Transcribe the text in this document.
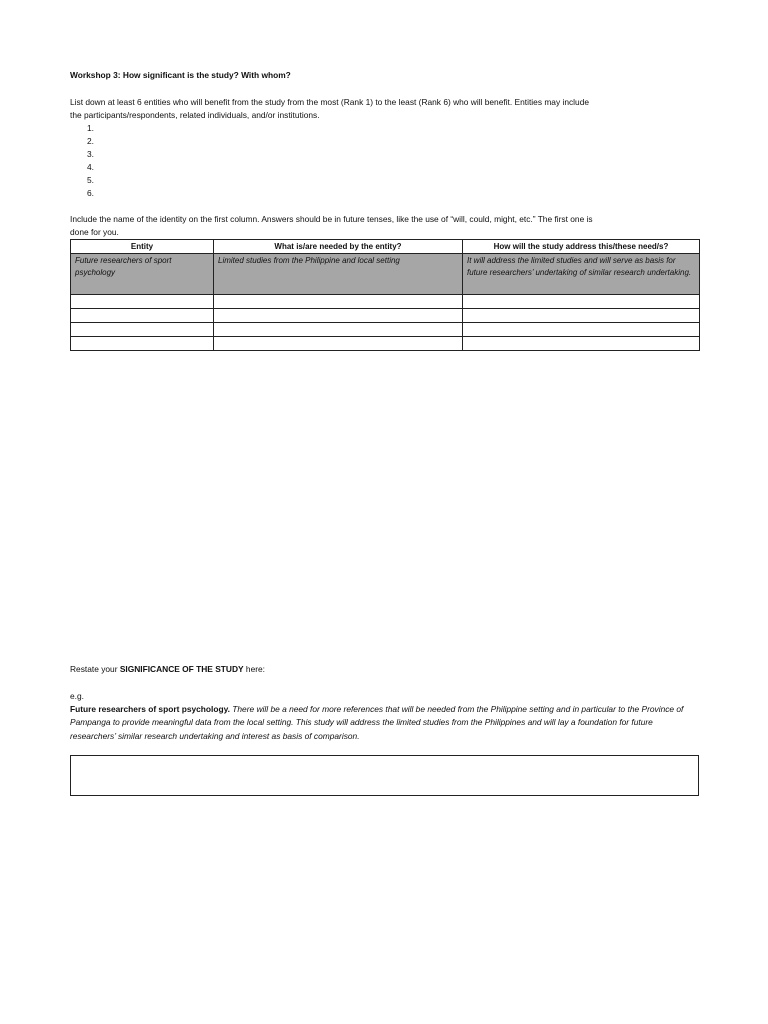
Workshop 3: How significant is the study? With whom?
List down at least 6 entities who will benefit from the study from the most (Rank 1) to the least (Rank 6) who will benefit. Entities may include
the participants/respondents, related individuals, and/or institutions.
1.
2.
3.
4.
5.
6.
Include the name of the identity on the first column. Answers should be in future tenses, like the use of “will, could, might, etc.” The first one is
done for you.
Entity	What is/are needed by the entity?	How will the study address this/these need/s?
Future researchers of sport psychology	Limited studies from the Philippine and local setting	It will address the limited studies and will serve as basis for future researchers’ undertaking of similar research undertaking.

Restate your SIGNIFICANCE OF THE STUDY here:
e.g.
Future researchers of sport psychology. There will be a need for more references that will be needed from the Philippine setting and in particular to the Province of Pampanga to provide meaningful data from the local setting. This study will address the limited studies from the Philippines and will lay a foundation for future researchers’ similar research undertaking and interest as basis of comparison.
